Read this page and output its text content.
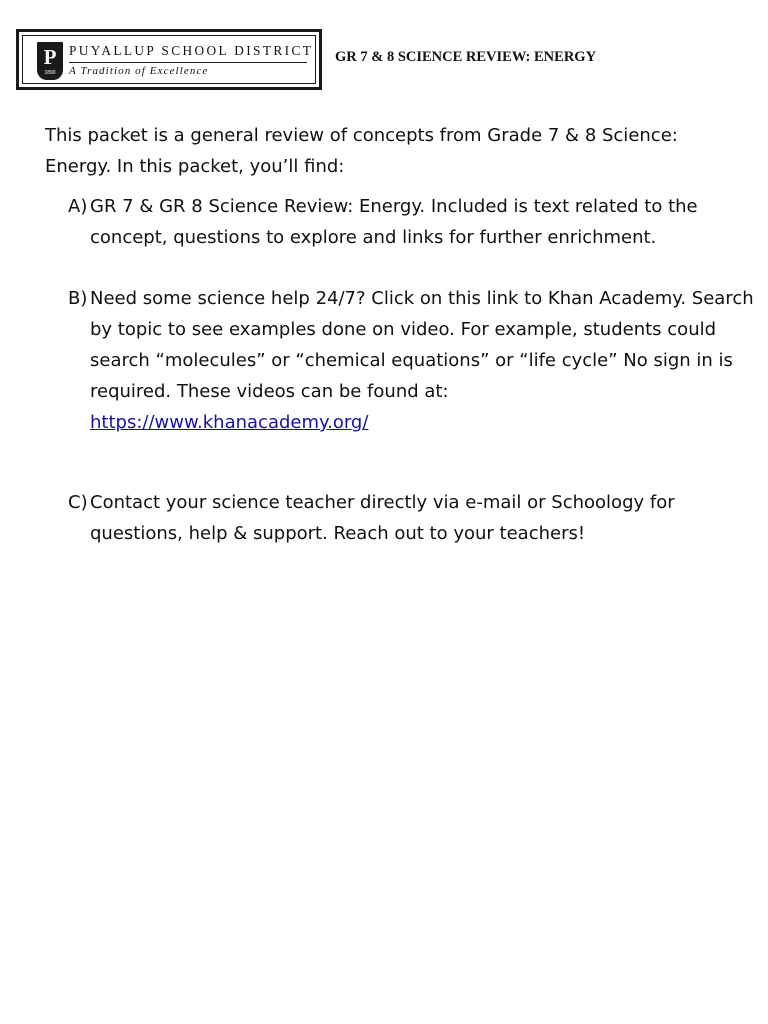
P
1890
PUYALLUP SCHOOL DISTRICT
A Tradition of Excellence
GR 7 & 8 SCIENCE REVIEW: ENERGY

This packet is a general review of concepts from Grade 7 & 8 Science: Energy. In this packet, you’ll find:

A) GR 7 & GR 8 Science Review: Energy. Included is text related to the concept, questions to explore and links for further enrichment.
B) Need some science help 24/7? Click on this link to Khan Academy. Search by topic to see examples done on video. For example, students could search “molecules” or “chemical equations” or “life cycle” No sign in is required. These videos can be found at:
https://www.khanacademy.org/
C) Contact your science teacher directly via e-mail or Schoology for questions, help & support. Reach out to your teachers!
